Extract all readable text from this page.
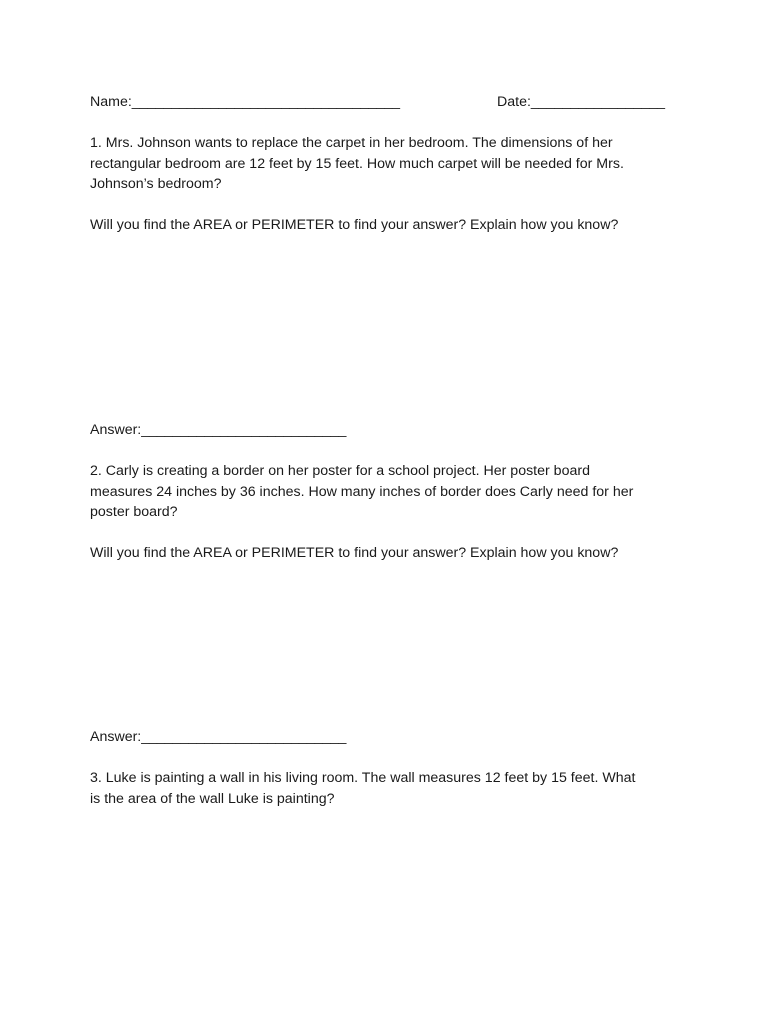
Name:__________________________________	Date:_________________

1. Mrs. Johnson wants to replace the carpet in her bedroom. The dimensions of her
rectangular bedroom are 12 feet by 15 feet. How much carpet will be needed for Mrs.
Johnson’s bedroom?

Will you find the AREA or PERIMETER to find your answer? Explain how you know?

Answer:__________________________

2. Carly is creating a border on her poster for a school project. Her poster board
measures 24 inches by 36 inches. How many inches of border does Carly need for her
poster board?

Will you find the AREA or PERIMETER to find your answer? Explain how you know?

Answer:__________________________

3. Luke is painting a wall in his living room. The wall measures 12 feet by 15 feet. What
is the area of the wall Luke is painting?
